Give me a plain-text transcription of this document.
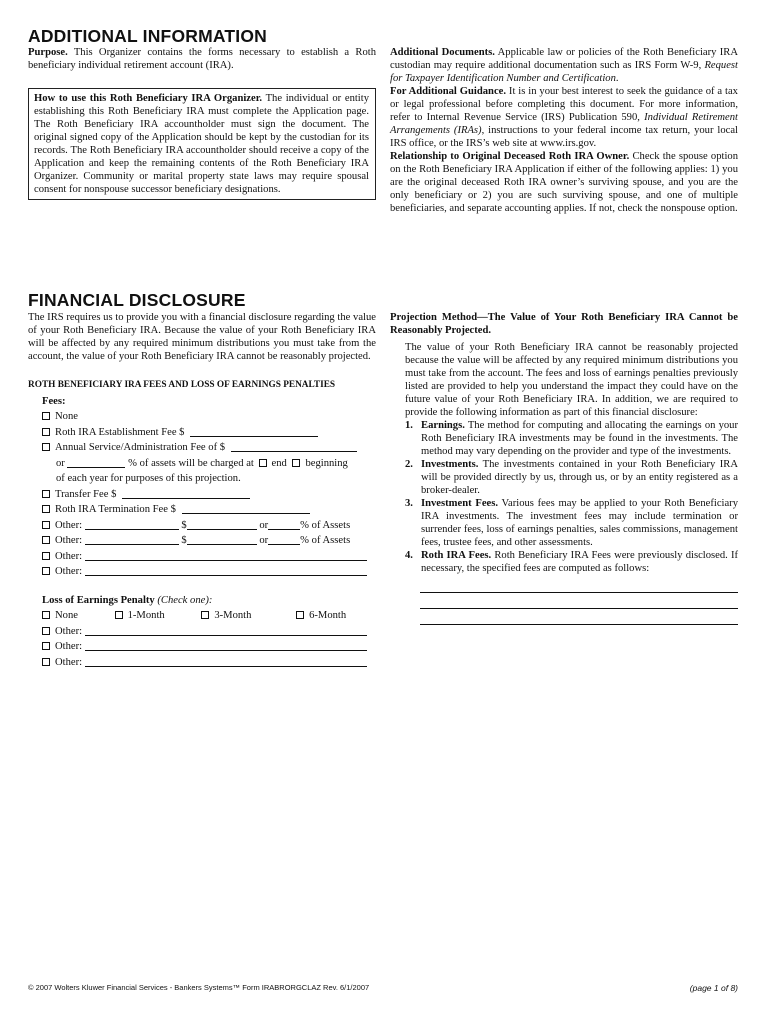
ADDITIONAL INFORMATION

Purpose. This Organizer contains the forms necessary to establish a Roth beneficiary individual retirement account (IRA).

How to use this Roth Beneficiary IRA Organizer. The individual or entity establishing this Roth Beneficiary IRA must complete the Application page. The Roth Beneficiary IRA accountholder must sign the document. The original signed copy of the Application should be kept by the custodian for its records. The Roth Beneficiary IRA accountholder should receive a copy of the Application and keep the remaining contents of the Roth Beneficiary IRA Organizer. Community or marital property state laws may require spousal consent for nonspouse successor beneficiary designations.

Additional Documents. Applicable law or policies of the Roth Beneficiary IRA custodian may require additional documentation such as IRS Form W-9, Request for Taxpayer Identification Number and Certification.

For Additional Guidance. It is in your best interest to seek the guidance of a tax or legal professional before completing this document. For more information, refer to Internal Revenue Service (IRS) Publication 590, Individual Retirement Arrangements (IRAs), instructions to your federal income tax return, your local IRS office, or the IRS’s web site at www.irs.gov.

Relationship to Original Deceased Roth IRA Owner. Check the spouse option on the Roth Beneficiary IRA Application if either of the following applies: 1) you are the original deceased Roth IRA owner’s surviving spouse, and you are the only beneficiary or 2) you are such surviving spouse, and one of multiple beneficiaries, and separate accounting applies. If not, check the nonspouse option.

FINANCIAL DISCLOSURE

The IRS requires us to provide you with a financial disclosure regarding the value of your Roth Beneficiary IRA. Because the value of your Roth Beneficiary IRA will be affected by any required minimum distributions you must take from the account, the value of your Roth Beneficiary IRA cannot be reasonably projected.

ROTH BENEFICIARY IRA FEES AND LOSS OF EARNINGS PENALTIES
Fees:
None
Roth IRA Establishment Fee $
Annual Service/Administration Fee of $
or	% of assets will be charged at end beginning
of each year for purposes of this projection.
Transfer Fee $
Roth IRA Termination Fee $
Other:	$	or	% of Assets
Other:	$	or	% of Assets
Other:
Other:
Loss of Earnings Penalty (Check one):
None	1-Month	3-Month	6-Month
Other:
Other:
Other:

Projection Method—The Value of Your Roth Beneficiary IRA Cannot be Reasonably Projected.

The value of your Roth Beneficiary IRA cannot be reasonably projected because the value will be affected by any required minimum distributions you must take from the account. The fees and loss of earnings penalties previously listed are provided to help you understand the impact they could have on the future value of your Roth Beneficiary IRA. In addition, we are required to provide the following information as part of this financial disclosure:

1. Earnings. The method for computing and allocating the earnings on your Roth Beneficiary IRA investments may be found in the investments. The method may vary depending on the provider and type of the investments.
2. Investments. The investments contained in your Roth Beneficiary IRA will be provided directly by us, through us, or by an entity registered as a broker-dealer.
3. Investment Fees. Various fees may be applied to your Roth Beneficiary IRA investments. The investment fees may include termination or surrender fees, loss of earnings penalties, sales commissions, management fees, trustee fees, and other assessments.
4. Roth IRA Fees. Roth Beneficiary IRA Fees were previously disclosed. If necessary, the specified fees are computed as follows:
© 2007 Wolters Kluwer Financial Services - Bankers Systems™ Form IRABRORGCLAZ Rev. 6/1/2007	(page 1 of 8)
